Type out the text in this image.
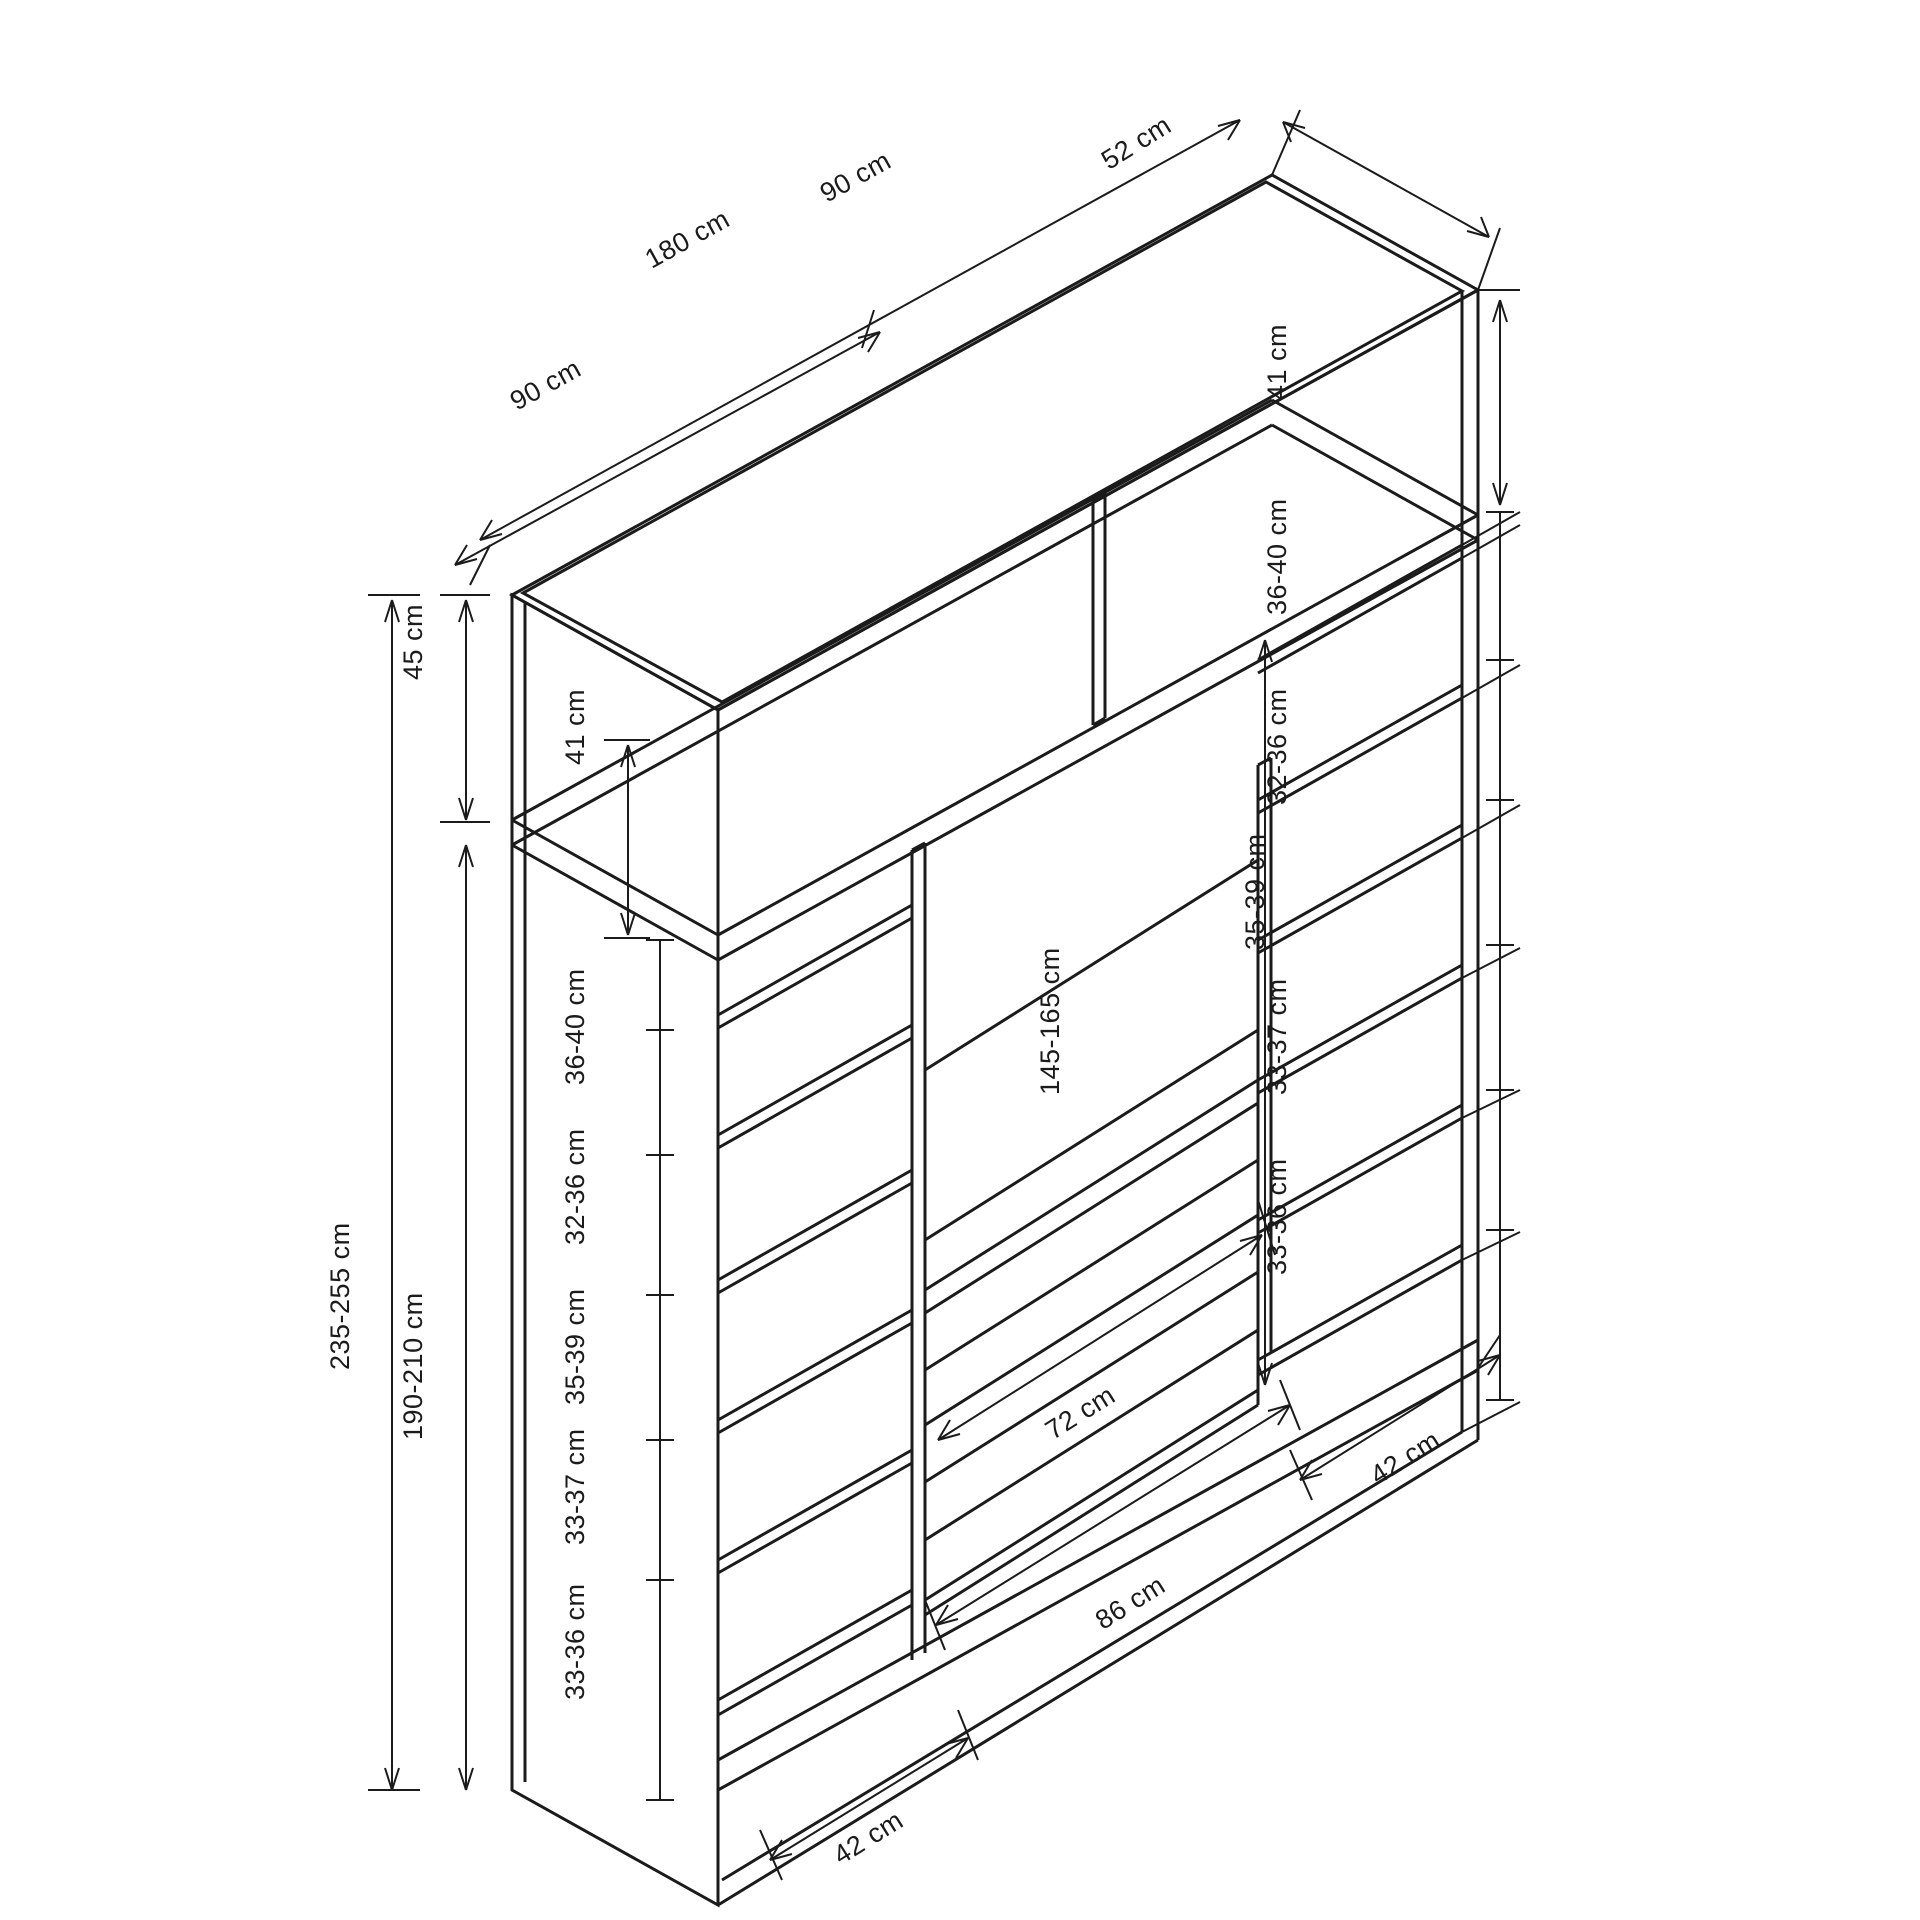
52 cm
180 cm
90 cm
90 cm	41 cm
36-40 cm
32-36 cm
35-39 cm
33-37 cm
33-36 cm
45 cm
41 cm
235-255 cm 190-210 cm
145-165 cm
36-40 cm
32-36 cm
35-39 cm
33-37 cm
33-36 cm
72 cm
42 cm
86 cm
42 cm
